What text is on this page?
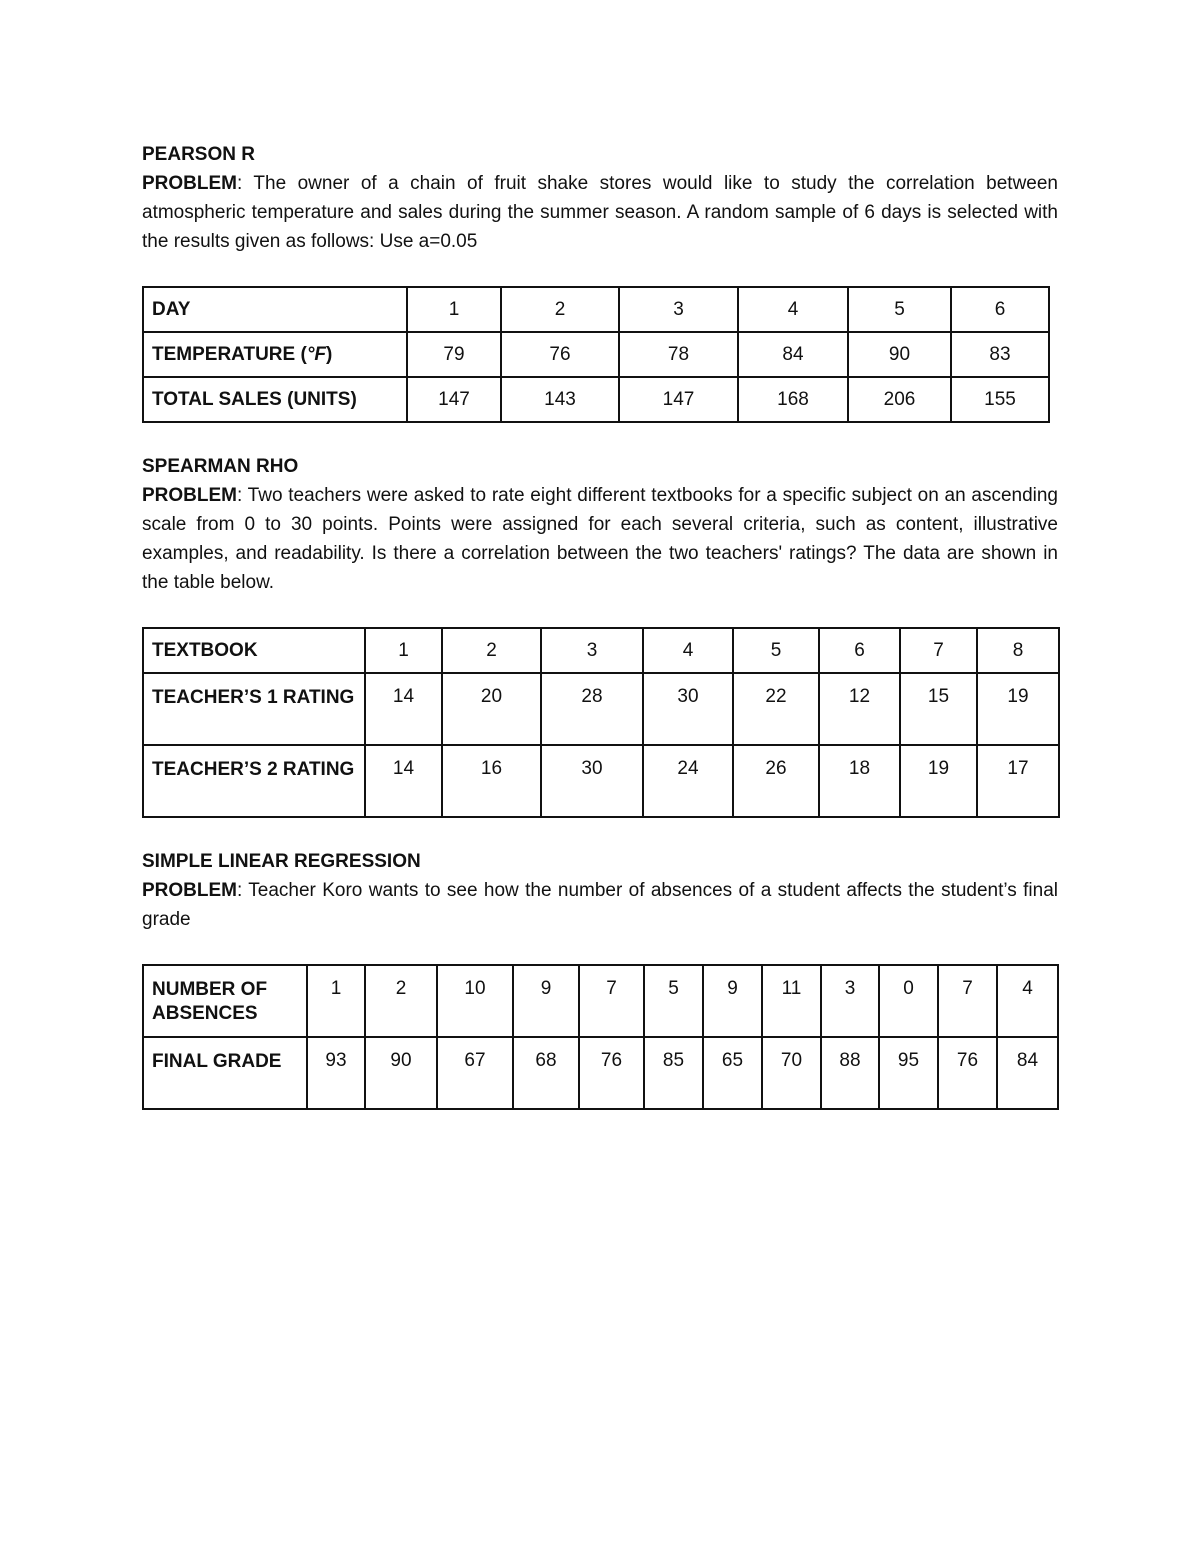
PEARSON R

PROBLEM: The owner of a chain of fruit shake stores would like to study the correlation between atmospheric temperature and sales during the summer season. A random sample of 6 days is selected with the results given as follows: Use a=0.05

DAY	1	2	3	4	5	6
TEMPERATURE (°F)	79	76	78	84	90	83
TOTAL SALES (UNITS)	147	143	147	168	206	155

SPEARMAN RHO

PROBLEM: Two teachers were asked to rate eight different textbooks for a specific subject on an ascending scale from 0 to 30 points. Points were assigned for each several criteria, such as content, illustrative examples, and readability. Is there a correlation between the two teachers' ratings? The data are shown in the table below.

TEXTBOOK	1	2	3	4	5	6	7	8
TEACHER’S 1 RATING	14	20	28	30	22	12	15	19
TEACHER’S 2 RATING	14	16	30	24	26	18	19	17

SIMPLE LINEAR REGRESSION

PROBLEM: Teacher Koro wants to see how the number of absences of a student affects the student’s final grade

NUMBER OF ABSENCES	1	2	10	9	7	5	9	11	3	0	7	4
FINAL GRADE	93	90	67	68	76	85	65	70	88	95	76	84
